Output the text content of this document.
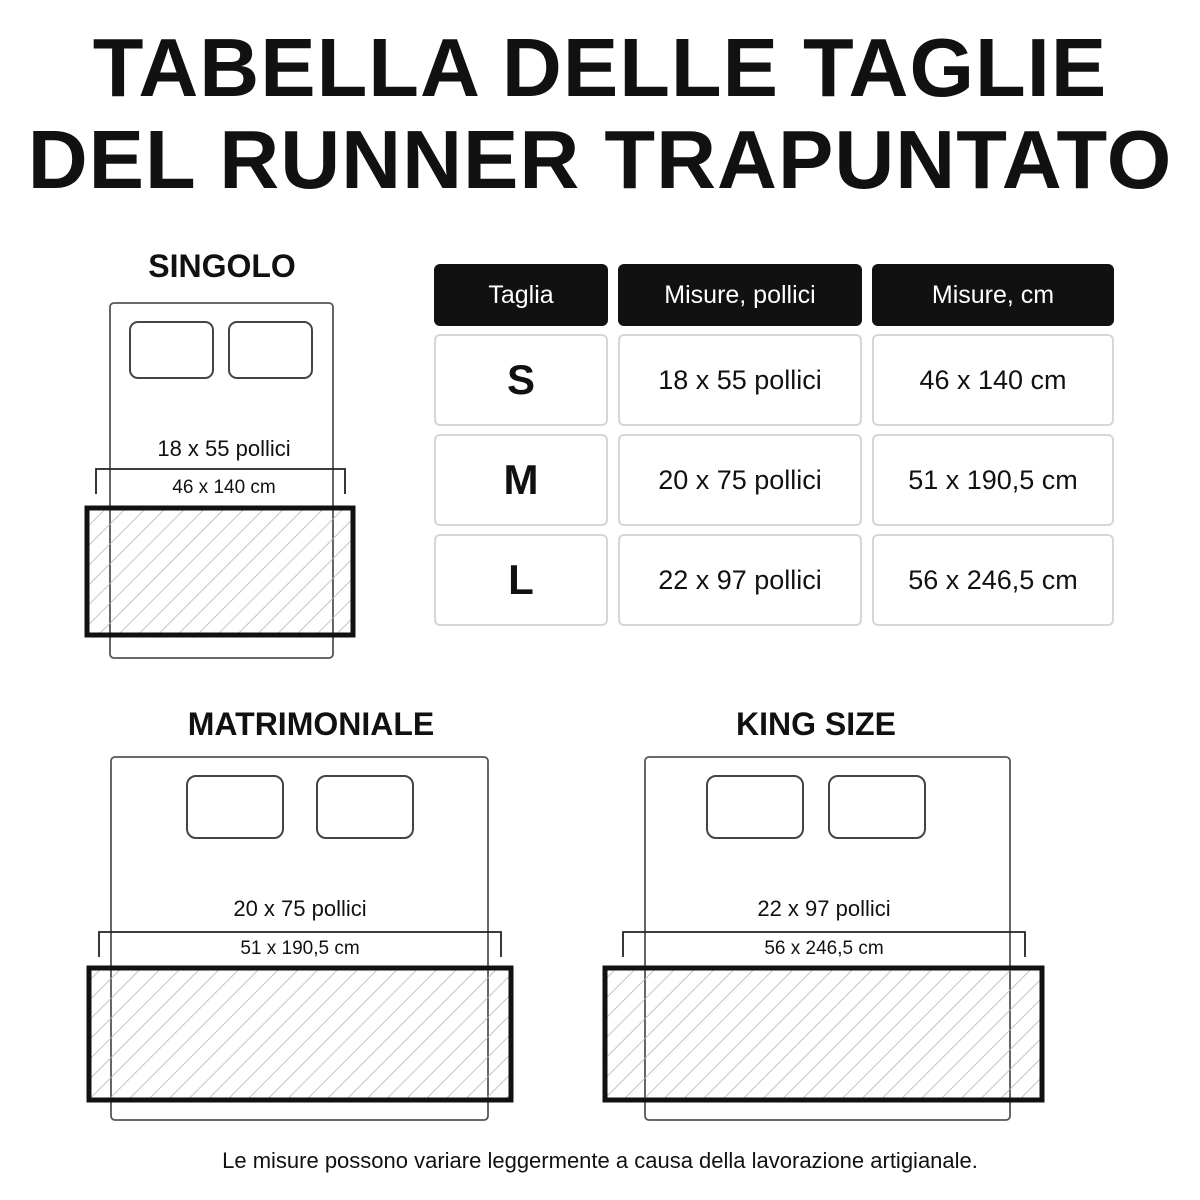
TABELLA DELLE TAGLIE
DEL RUNNER TRAPUNTATO
SINGOLO
MATRIMONIALE	KING SIZE
18 x 55 pollici
46 x 140 cm
20 x 75 pollici
51 x 190,5 cm
22 x 97 pollici
56 x 246,5 cm
Taglia	Misure, pollici	Misure, cm
S	18 x 55 pollici	46 x 140 cm
M	20 x 75 pollici	51 x 190,5 cm
L	22 x 97 pollici	56 x 246,5 cm
Le misure possono variare leggermente a causa della lavorazione artigianale.
